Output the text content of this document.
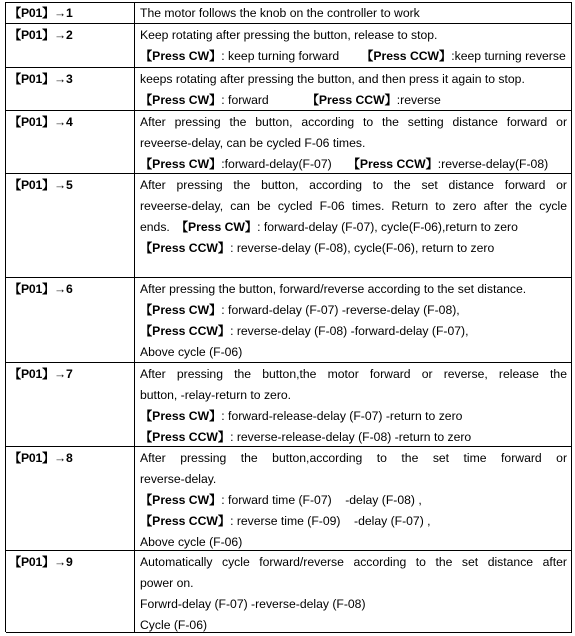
【P01】→1	The motor follows the knob on the controller to work
【P01】→2	Keep rotating after pressing the button, release to stop.
【Press CW】: keep turning forward 【Press CCW】:keep turning reverse
【P01】→3	keeps rotating after pressing the button, and then press it again to stop.
【Press CW】: forward	【Press CCW】:reverse
【P01】→4	After pressing the button, according to the setting distance forward or
reveerse-delay, can be cycled F-06 times.
【Press CW】:forward-delay(F-07) 【Press CCW】:reverse-delay(F-08)
【P01】→5	After pressing the button, according to the set distance forward or
reveerse-delay, can be cycled F-06 times. Return to zero after the cycle
ends. 【Press CW】: forward-delay (F-07), cycle(F-06),return to zero
【Press CCW】: reverse-delay (F-08), cycle(F-06), return to zero
【P01】→6	After pressing the button, forward/reverse according to the set distance.
【Press CW】: forward-delay (F-07) -reverse-delay (F-08),
【Press CCW】: reverse-delay (F-08) -forward-delay (F-07),
Above cycle (F-06)
【P01】→7	After pressing the button,the motor forward or reverse, release the
button, -relay-return to zero.
【Press CW】: forward-release-delay (F-07) -return to zero
【Press CCW】: reverse-release-delay (F-08) -return to zero
【P01】→8	After pressing the button,according to the set time forward or
reverse-delay.
【Press CW】: forward time (F-07)    -delay (F-08) ,
【Press CCW】: reverse time (F-09)    -delay (F-07) ,
Above cycle (F-06)
【P01】→9	Automatically cycle forward/reverse according to the set distance after
power on.
Forwrd-delay (F-07) -reverse-delay (F-08)
Cycle (F-06)
